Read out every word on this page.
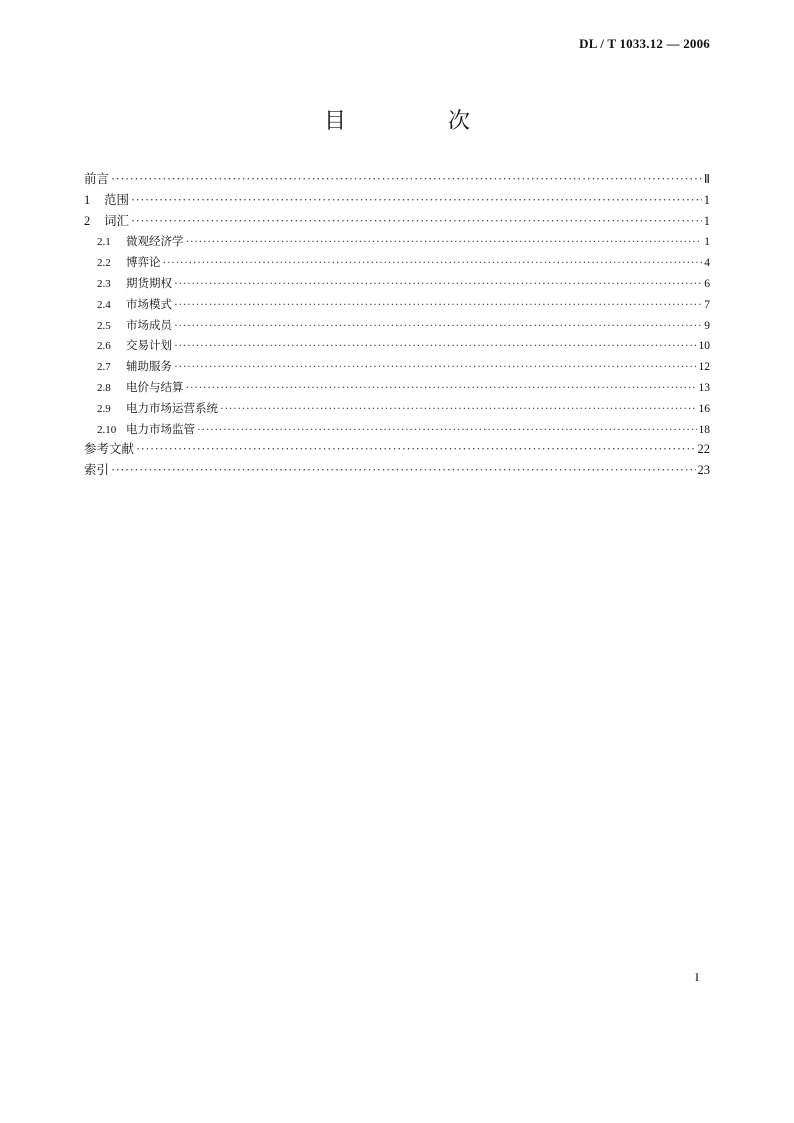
DL / T 1033.12 — 2006
目　次
前言 ·····	Ⅱ
1	范围 ·····	1
2	词汇 ·····	1
2.1	微观经济学 ·····	1
2.2	博弈论 ·····	4
2.3	期货期权 ·····	6
2.4	市场模式 ·····	7
2.5	市场成员 ·····	9
2.6	交易计划 ·····	10
2.7	辅助服务 ·····	12
2.8	电价与结算 ·····	13
2.9	电力市场运营系统 ·····	16
2.10 电力市场监管 ·····	18
参考文献 ·····	22
索引 ·····	23
I
